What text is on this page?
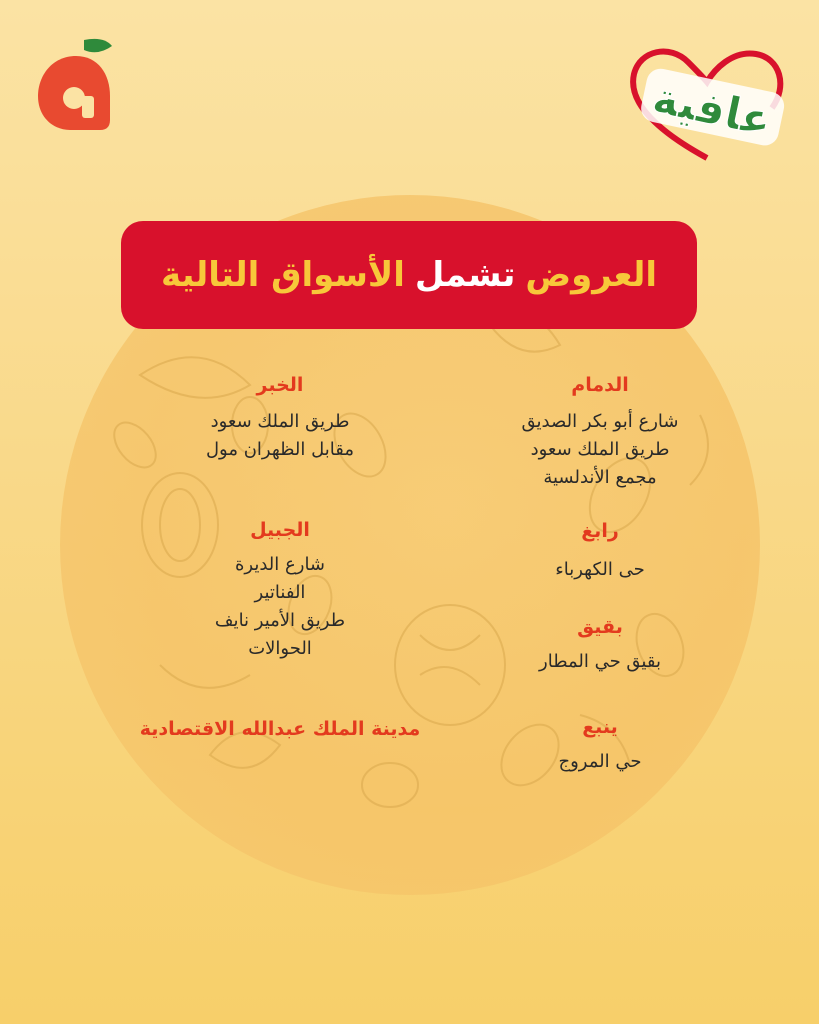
عافية
العروض
تشمل
الأسواق التالية
الدمام
شارع أبو بكر الصديق
طريق الملك سعود
مجمع الأندلسية
رابغ
حى الكهرباء
بقيق
بقيق حي المطار
ينبع
حي المروج
الخبر
طريق الملك سعود
مقابل الظهران مول
الجبيل
شارع الديرة
الفناتير
طريق الأمير نايف
الحوالات
مدينة الملك عبدالله الاقتصادية
